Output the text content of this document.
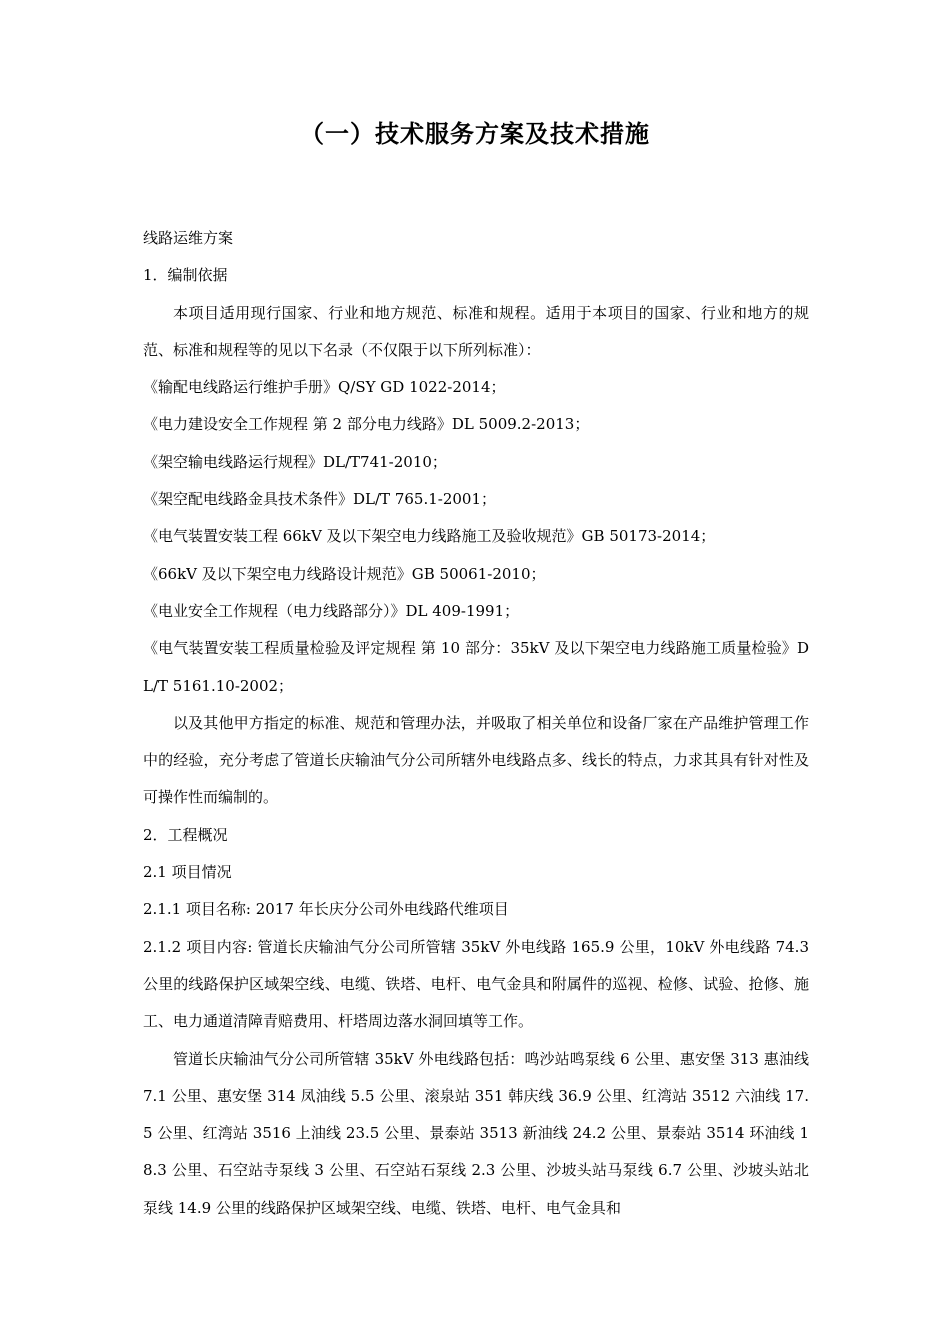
（一）技术服务方案及技术措施

线路运维方案

1．编制依据

本项目适用现行国家、行业和地方规范、标准和规程。适用于本项目的国家、行业和地方的规范、标准和规程等的见以下名录（不仅限于以下所列标准）：

《输配电线路运行维护手册》Q/SY GD 1022-2014；

《电力建设安全工作规程 第 2 部分电力线路》DL 5009.2-2013；

《架空输电线路运行规程》DL/T741-2010；

《架空配电线路金具技术条件》DL/T 765.1-2001；

《电气装置安装工程 66kV 及以下架空电力线路施工及验收规范》GB 50173-2014；

《66kV 及以下架空电力线路设计规范》GB 50061-2010；

《电业安全工作规程（电力线路部分）》DL 409-1991；

《电气装置安装工程质量检验及评定规程 第 10 部分：35kV 及以下架空电力线路施工质量检验》DL/T 5161.10-2002；

以及其他甲方指定的标准、规范和管理办法，并吸取了相关单位和设备厂家在产品维护管理工作中的经验，充分考虑了管道长庆输油气分公司所辖外电线路点多、线长的特点，力求其具有针对性及可操作性而编制的。

2．工程概况

2.1 项目情况

2.1.1 项目名称: 2017 年长庆分公司外电线路代维项目

2.1.2 项目内容: 管道长庆输油气分公司所管辖 35kV 外电线路 165.9 公里，10kV 外电线路 74.3 公里的线路保护区域架空线、电缆、铁塔、电杆、电气金具和附属件的巡视、检修、试验、抢修、施工、电力通道清障青赔费用、杆塔周边落水洞回填等工作。

管道长庆输油气分公司所管辖 35kV 外电线路包括：鸣沙站鸣泵线 6 公里、惠安堡 313 惠油线 7.1 公里、惠安堡 314 凤油线 5.5 公里、滚泉站 351 韩庆线 36.9 公里、红湾站 3512 六油线 17.5 公里、红湾站 3516 上油线 23.5 公里、景泰站 3513 新油线 24.2 公里、景泰站 3514 环油线 18.3 公里、石空站寺泵线 3 公里、石空站石泵线 2.3 公里、沙坡头站马泵线 6.7 公里、沙坡头站北泵线 14.9 公里的线路保护区域架空线、电缆、铁塔、电杆、电气金具和
